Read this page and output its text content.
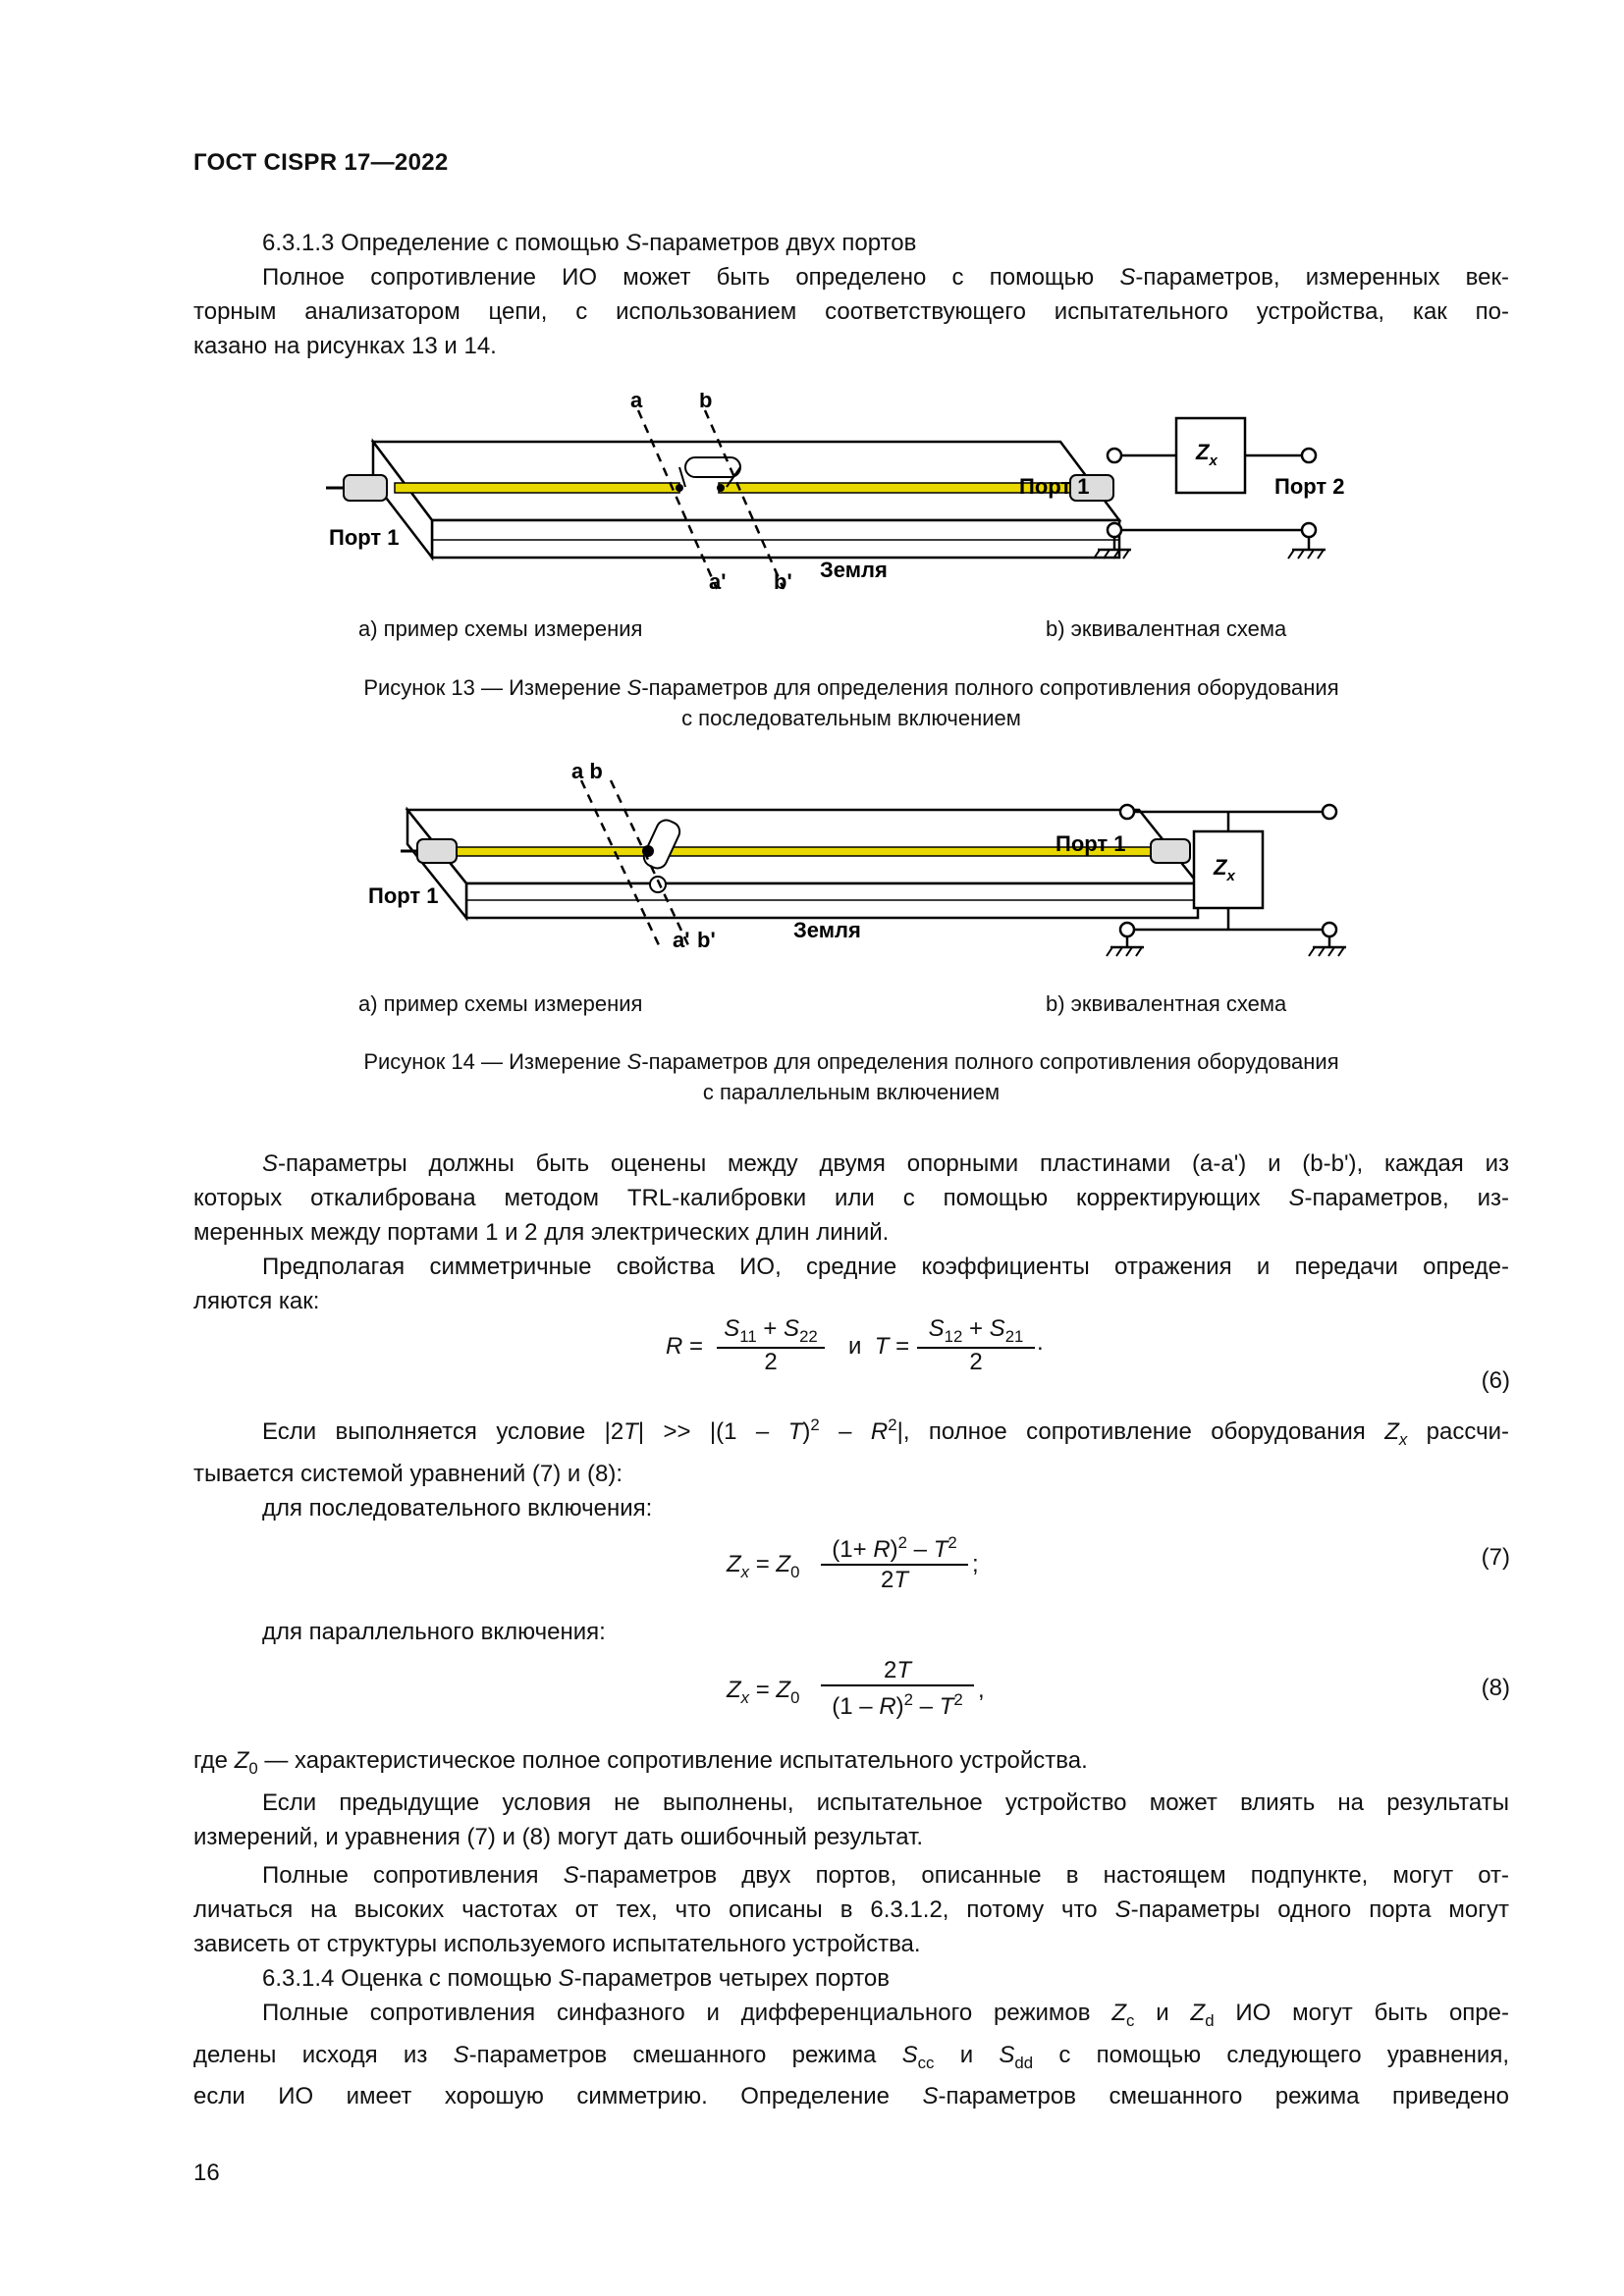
ГОСТ CISPR 17—2022
6.3.1.3 Определение с помощью S-параметров двух портов
Полное сопротивление ИО может быть определено с помощью S-параметров, измеренных век-
торным анализатором цепи, с использованием соответствующего испытательного устройства, как по-
казано на рисунках 13 и 14.
a	b
a' b'
Порт 1
Земля
$Z_x$
Порт 1	Порт 2
a) пример схемы измерения	b) эквивалентная схема
Рисунок 13 — Измерение S-параметров для определения полного сопротивления оборудования
с последовательным включением
a b
a' b'
Порт 1
Земля
$Z_x$
Порт 1
a) пример схемы измерения	b) эквивалентная схема
Рисунок 14 — Измерение S-параметров для определения полного сопротивления оборудования
с параллельным включением
S-параметры должны быть оценены между двумя опорными пластинами (a-a') и (b-b'), каждая из
которых откалибрована методом TRL-калибровки или с помощью корректирующих S-параметров, из-
меренных между портами 1 и 2 для электрических длин линий.
Предполагая симметричные свойства ИО, средние коэффициенты отражения и передачи опреде-
ляются как:
R =
$S_{11} + S_{22}$
2
и  T =
$S_{12} + S_{21}$
2
.
(6)
Если выполняется условие $|2T| >> |(1 - T)^2 - R^2|$, полное сопротивление оборудования $Z_x$ рассчи-
тывается системой уравнений (7) и (8):
для последовательного включения:
$Z_x = Z_0$
$(1+ R)^2 - T^2$
2T
;	(7)
для параллельного включения:
$Z_x = Z_0$
2T
$(1 - R)^2 - T^2$ ,	(8)
где $Z_0$ — характеристическое полное сопротивление испытательного устройства.
Если предыдущие условия не выполнены, испытательное устройство может влиять на результаты
измерений, и уравнения (7) и (8) могут дать ошибочный результат.
Полные сопротивления S-параметров двух портов, описанные в настоящем подпункте, могут от-
личаться на высоких частотах от тех, что описаны в 6.3.1.2, потому что S-параметры одного порта могут
зависеть от структуры используемого испытательного устройства.
6.3.1.4 Оценка с помощью S-параметров четырех портов
Полные сопротивления синфазного и дифференциального режимов $Z_c$ и $Z_d$ ИО могут быть опре-
делены исходя из S-параметров смешанного режима $S_{cc}$ и $S_{dd}$ с помощью следующего уравнения,
если ИО имеет хорошую симметрию. Определение S-параметров смешанного режима приведено
16
